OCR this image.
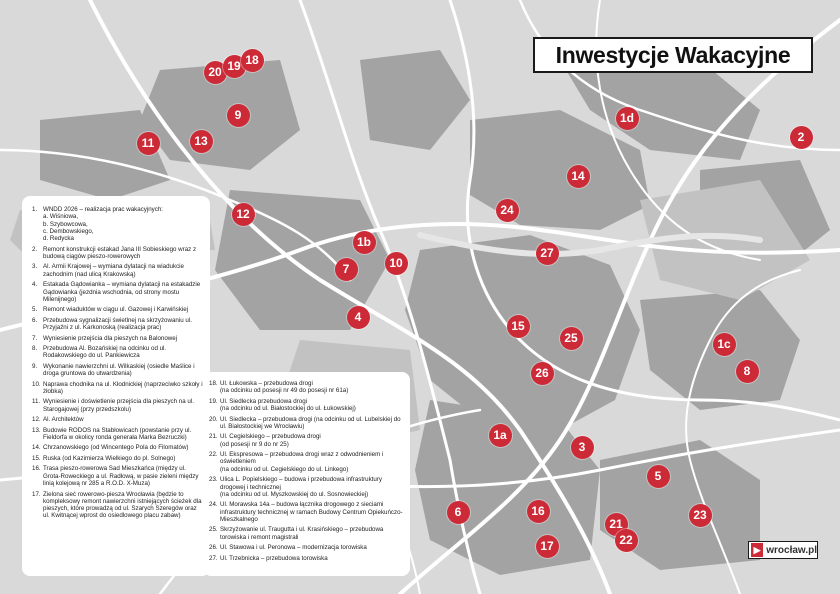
20 19 18
9
11	13
1d
2
14
24
12
1b
27
7	10
4
15
25	1c
8
26
1a
3
5
6	16
21
22
23
17
Inwestycje Wakacyjne
1. WNDD 2026 – realizacja prac wakacyjnych:
a. Wiśniowa,
b. Szybowcowa,
c. Dembowskiego,
d. Redycka
2. Remont konstrukcji estakad Jana III Sobieskiego wraz z budową ciągów pieszo-rowerowych
3. Al. Armii Krajowej – wymiana dylatacji na wiadukcie zachodnim (nad ulicą Krakowską)
4. Estakada Gądowianka – wymiana dylatacji na estakadzie Gądowianka (jezdnia wschodnia, od strony mostu Milenijnego)
5. Remont wiaduktów w ciągu ul. Gazowej i Karwińskiej
6. Przebudowa sygnalizacji świetlnej na skrzyżowaniu ul. Przyjaźni z ul. Karkonoską (realizacja prac)
7. Wyniesienie przejścia dla pieszych na Balonowej
8. Przebudowa Al. Bozańskiej na odcinku od ul. Rodakowskiego do ul. Pankiewicza
9. Wykonanie nawierzchni ul. Wilkaskiej (osiedle Maślice i droga gruntowa do utwardzenia)
10. Naprawa chodnika na ul. Kłodnickiej (naprzeciwko szkoły i żłobka)
11. Wyniesienie i doświetlenie przejścia dla pieszych na ul. Starogajowej (przy przedszkolu)
12. Al. Architektów
13. Budowie RODOS na Stabłowicach (powstanie przy ul. Fieldorfa w okolicy ronda generała Marka Bezruczki)
14. Chrzanowskiego (od Wincentego Pola do Filomatów)
15. Ruska (od Kazimierza Wielkiego do pl. Solnego)
16. Trasa pieszo-rowerowa Sad Mieszkańca (między ul. Grota-Roweckiego a ul. Radłową, w pasie zieleni między linią kolejową nr 285 a R.O.D. X-Muza)
17. Zielona sieć rowerowo-piesza Wrocławia (będzie to kompleksowy remont nawierzchni istniejących ścieżek dla pieszych, które prowadzą od ul. Szarych Szeregów oraz ul. Kwitnącej wprost do osiedlowego placu zabaw)
18. Ul. Łukowska – przebudowa drogi
(na odcinku od posesji nr 49 do posesji nr 61a)
19. Ul. Siedlecka przebudowa drogi
(na odcinku od ul. Białostockiej do ul. Łukowskiej)
20. Ul. Siedlecka – przebudowa drogi (na odcinku od ul. Lubelskiej do ul. Białostockiej we Wrocławiu)
21. Ul. Cegielskiego – przebudowa drogi
(od posesji nr 9 do nr 25)
22. Ul. Ekspresowa – przebudowa drogi wraz z odwodnieniem i oświetleniem
(na odcinku od ul. Cegielskiego do ul. Linkego)
23. Ulica L. Popielskiego – budowa i przebudowa infrastruktury drogowej i technicznej
(na odcinku od ul. Myszkowskiej do ul. Sosnowieckiej)
24. Ul. Morawska 14a – budowa łącznika drogowego z sieciami infrastruktury technicznej w ramach Budowy Centrum Opiekuńczo-Mieszkalnego
25. Skrzyżowanie ul. Traugutta i ul. Krasińskiego – przebudowa torowiska i remont magistrali
26. Ul. Stawowa i ul. Peronowa – modernizacja torowiska
27. Ul. Trzebnicka – przebudowa torowiska
▶ wrocław.pl
